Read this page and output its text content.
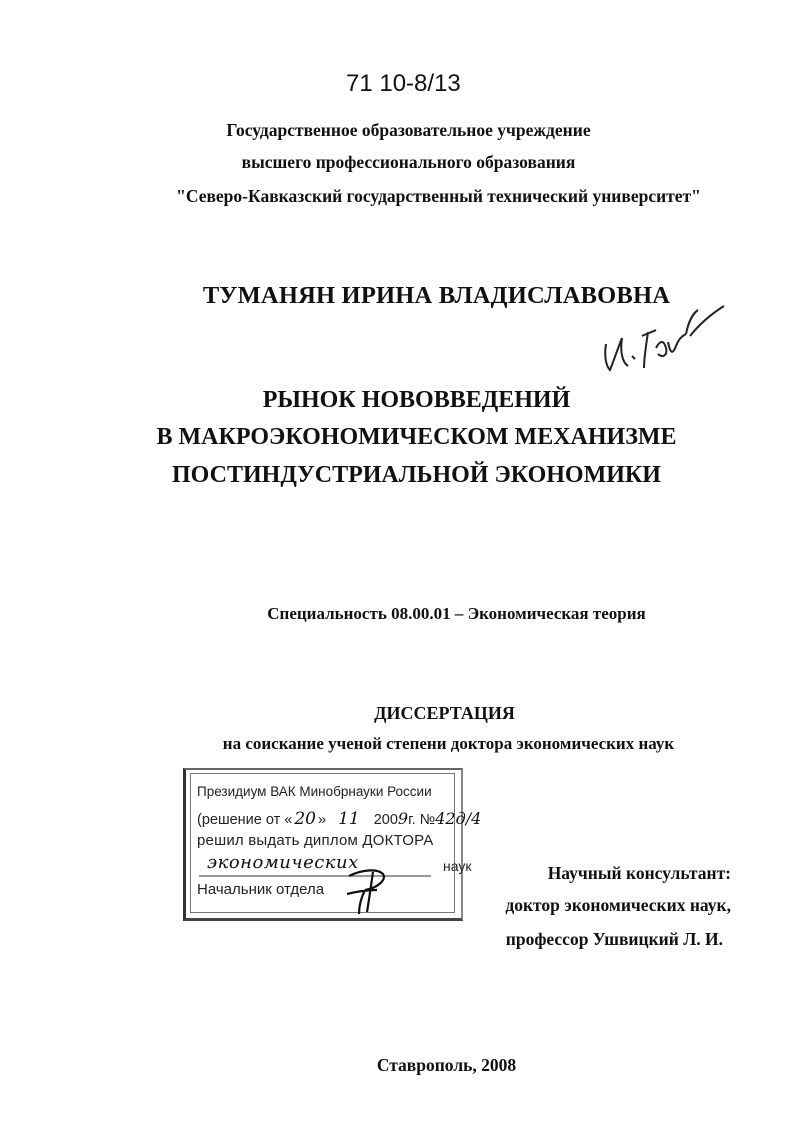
71 10-8/13
Государственное образовательное учреждение
высшего профессионального образования
"Северо-Кавказский государственный технический университет"
ТУМАНЯН ИРИНА ВЛАДИСЛАВОВНА
РЫНОК НОВОВВЕДЕНИЙ
В МАКРОЭКОНОМИЧЕСКОМ МЕХАНИЗМЕ
ПОСТИНДУСТРИАЛЬНОЙ ЭКОНОМИКИ
Специальность 08.00.01 – Экономическая теория
ДИССЕРТАЦИЯ
на соискание ученой степени доктора экономических наук
Президиум ВАК Минобрнауки России
(решение от « 20 » 11 2009г. №42д/4
решил выдать диплом ДОКТОРА
экономических	наук
Начальник отдела
Научный консультант:
доктор экономических наук,
профессор Ушвицкий Л. И.
Ставрополь, 2008
